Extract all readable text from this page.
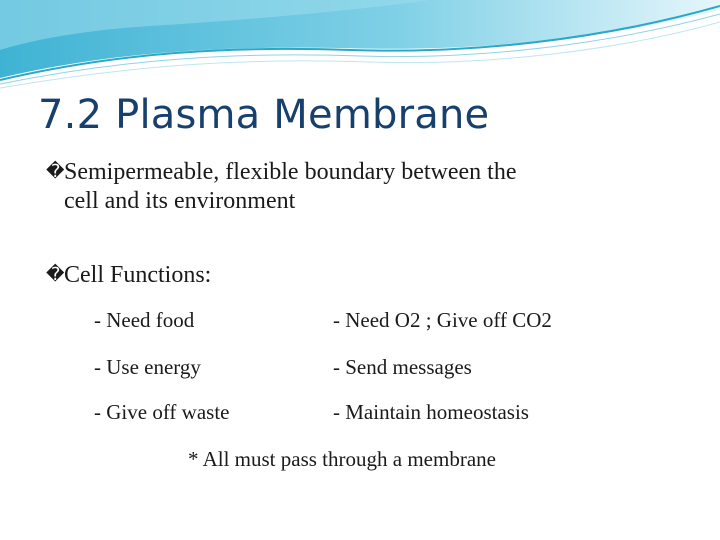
7.2 Plasma Membrane
�Semipermeable, flexible boundary between the
cell and its environment
�Cell Functions:
- Need food	- Need O2 ; Give off CO2
- Use energy	- Send messages
- Give off waste	- Maintain homeostasis
* All must pass through a membrane
